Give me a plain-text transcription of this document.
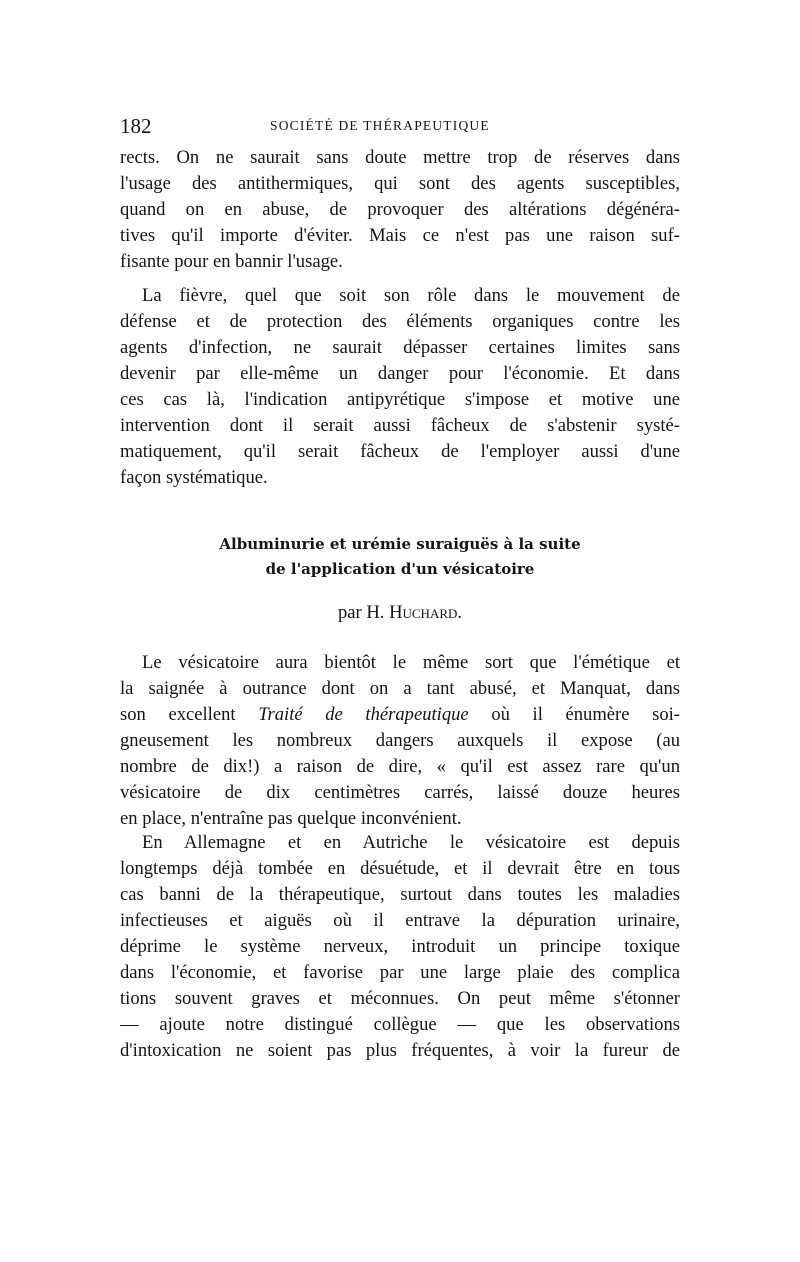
182	SOCIÉTÉ DE THÉRAPEUTIQUE
rects. On ne saurait sans doute mettre trop de réserves dans
l'usage des antithermiques, qui sont des agents susceptibles,
quand on en abuse, de provoquer des altérations dégénéra-
tives qu'il importe d'éviter. Mais ce n'est pas une raison suf-
fisante pour en bannir l'usage.
La fièvre, quel que soit son rôle dans le mouvement de
défense et de protection des éléments organiques contre les
agents d'infection, ne saurait dépasser certaines limites sans
devenir par elle-même un danger pour l'économie. Et dans
ces cas là, l'indication antipyrétique s'impose et motive une
intervention dont il serait aussi fâcheux de s'abstenir systé-
matiquement, qu'il serait fâcheux de l'employer aussi d'une
façon systématique.
Albuminurie et urémie suraiguës à la suite
de l'application d'un vésicatoire
par H. Huchard.
Le vésicatoire aura bientôt le même sort que l'émétique et
la saignée à outrance dont on a tant abusé, et Manquat, dans
son excellent Traité de thérapeutique où il énumère soi-
gneusement les nombreux dangers auxquels il expose (au
nombre de dix!) a raison de dire, « qu'il est assez rare qu'un
vésicatoire de dix centimètres carrés, laissé douze heures
en place, n'entraîne pas quelque inconvénient.
En Allemagne et en Autriche le vésicatoire est depuis
longtemps déjà tombée en désuétude, et il devrait être en tous
cas banni de la thérapeutique, surtout dans toutes les maladies
infectieuses et aiguës où il entrave la dépuration urinaire,
déprime le système nerveux, introduit un principe toxique
dans l'économie, et favorise par une large plaie des complica
tions souvent graves et méconnues. On peut même s'étonner
— ajoute notre distingué collègue — que les observations
d'intoxication ne soient pas plus fréquentes, à voir la fureur de
